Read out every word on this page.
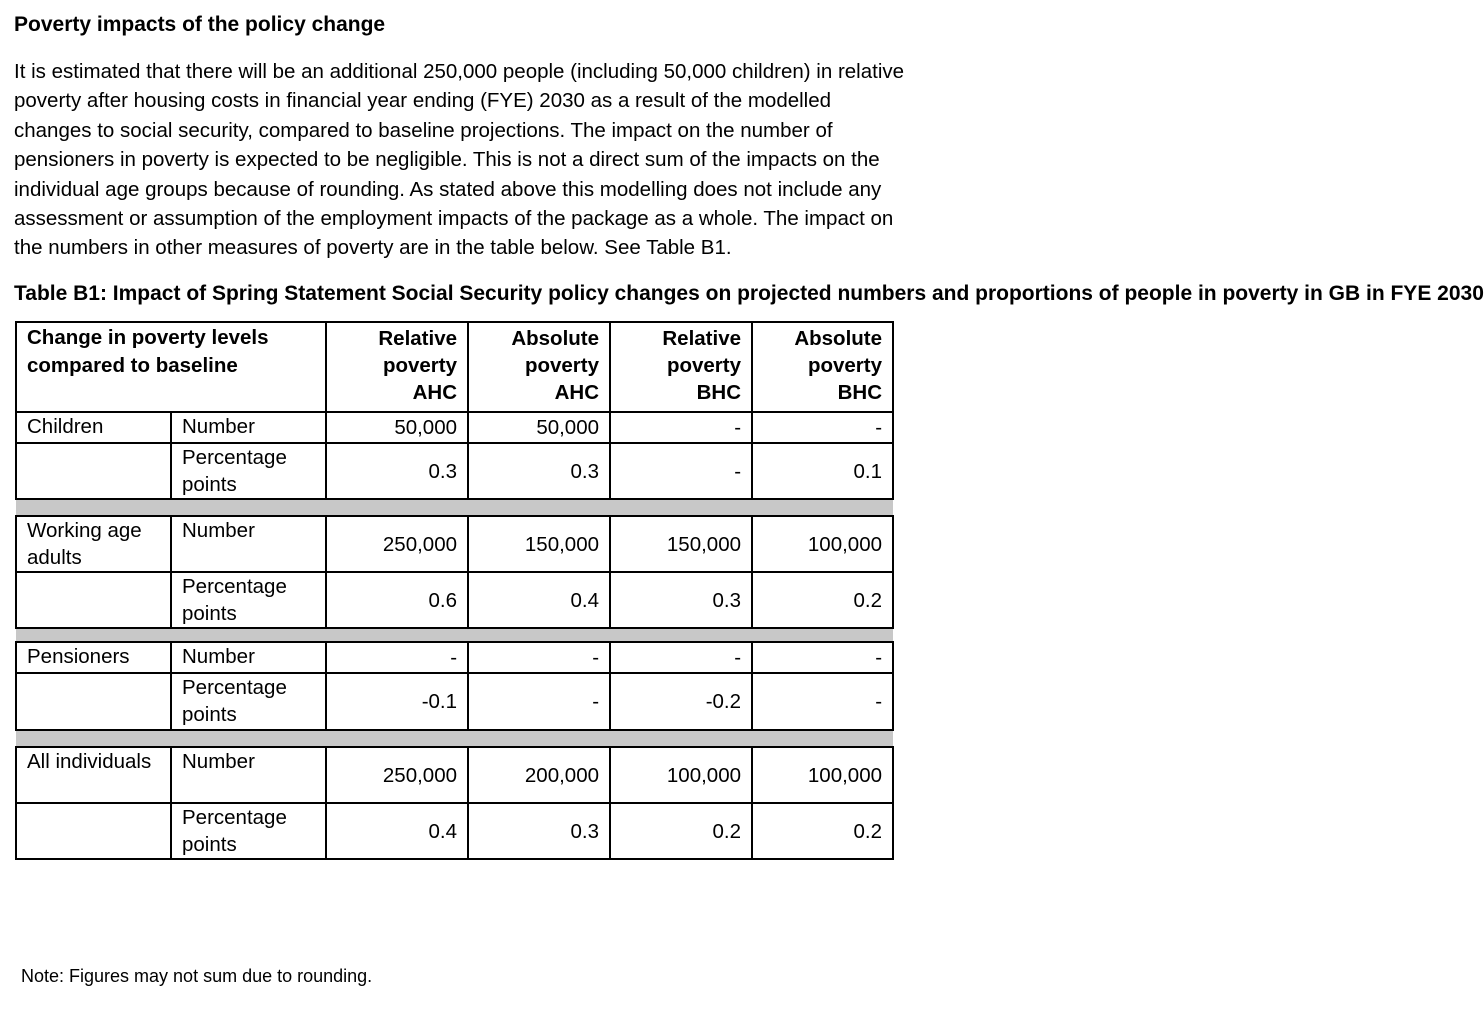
Poverty impacts of the policy change

It is estimated that there will be an additional 250,000 people (including 50,000 children) in relative poverty after housing costs in financial year ending (FYE) 2030 as a result of the modelled changes to social security, compared to baseline projections. The impact on the number of pensioners in poverty is expected to be negligible. This is not a direct sum of the impacts on the individual age groups because of rounding. As stated above this modelling does not include any assessment or assumption of the employment impacts of the package as a whole. The impact on the numbers in other measures of poverty are in the table below. See Table B1.

Table B1: Impact of Spring Statement Social Security policy changes on projected numbers and proportions of people in poverty in GB in FYE 2030

Change in poverty levels compared to baseline		Relative poverty AHC	Absolute poverty AHC	Relative poverty BHC	Absolute poverty BHC
Children	Number	50,000	50,000	-	-
	Percentage points	0.3	0.3	-	0.1

Working age adults	Number	250,000	150,000	150,000	100,000
	Percentage points	0.6	0.4	0.3	0.2

Pensioners	Number	-	-	-	-
	Percentage points	-0.1	-	-0.2	-

All individuals	Number	250,000	200,000	100,000	100,000
	Percentage points	0.4	0.3	0.2	0.2
Note: Figures may not sum due to rounding.
